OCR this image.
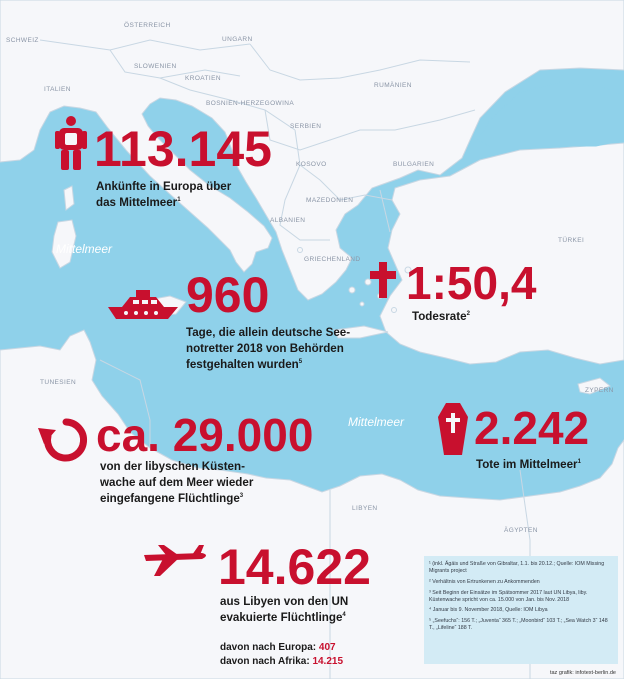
SCHWEIZ
ÖSTERREICH
UNGARN
SLOWENIEN
KROATIEN
ITALIEN
RUMÄNIEN
BOSNIEN-HERZEGOWINA
SERBIEN
KOSOVO	BULGARIEN
MAZEDONIEN
ALBANIEN
GRIECHENLAND
TÜRKEI
TUNESIEN
ZYPERN
LIBYEN
ÄGYPTEN
Mittelmeer
Mittelmeer
113.145
Ankünfte in Europa über
das Mittelmeer$^1$
960
Tage, die allein deutsche See-
notretter 2018 von Behörden
festgehalten wurden$^5$
1:50,4
Todesrate$^2$
ca. 29.000
von der libyschen Küsten-
wache auf dem Meer wieder
eingefangene Flüchtlinge$^3$
2.242
Tote im Mittelmeer$^1$
14.622
aus Libyen von den UN
evakuierte Flüchtlinge$^4$
davon nach Europa: 407
davon nach Afrika: 14.215
¹ (inkl. Ägäis und Straße von Gibraltar, 1.1. bis 20.12.; Quelle: IOM Missing Migrants project
² Verhältnis von Ertrunkenen zu Ankommenden
³ Seit Beginn der Einsätze im Spätsommer 2017 laut UN Libya, liby. Küstenwache spricht von ca. 15.000 von Jan. bis Nov. 2018
⁴ Januar bis 9. November 2018, Quelle: IOM Libya
⁵ „Seefuchs“: 156 T.; „Juventa“ 365 T.; „Moonbird“ 103 T.; „Sea Watch 3“ 148 T., „Lifeline“ 188 T.
taz grafik: infotext-berlin.de
